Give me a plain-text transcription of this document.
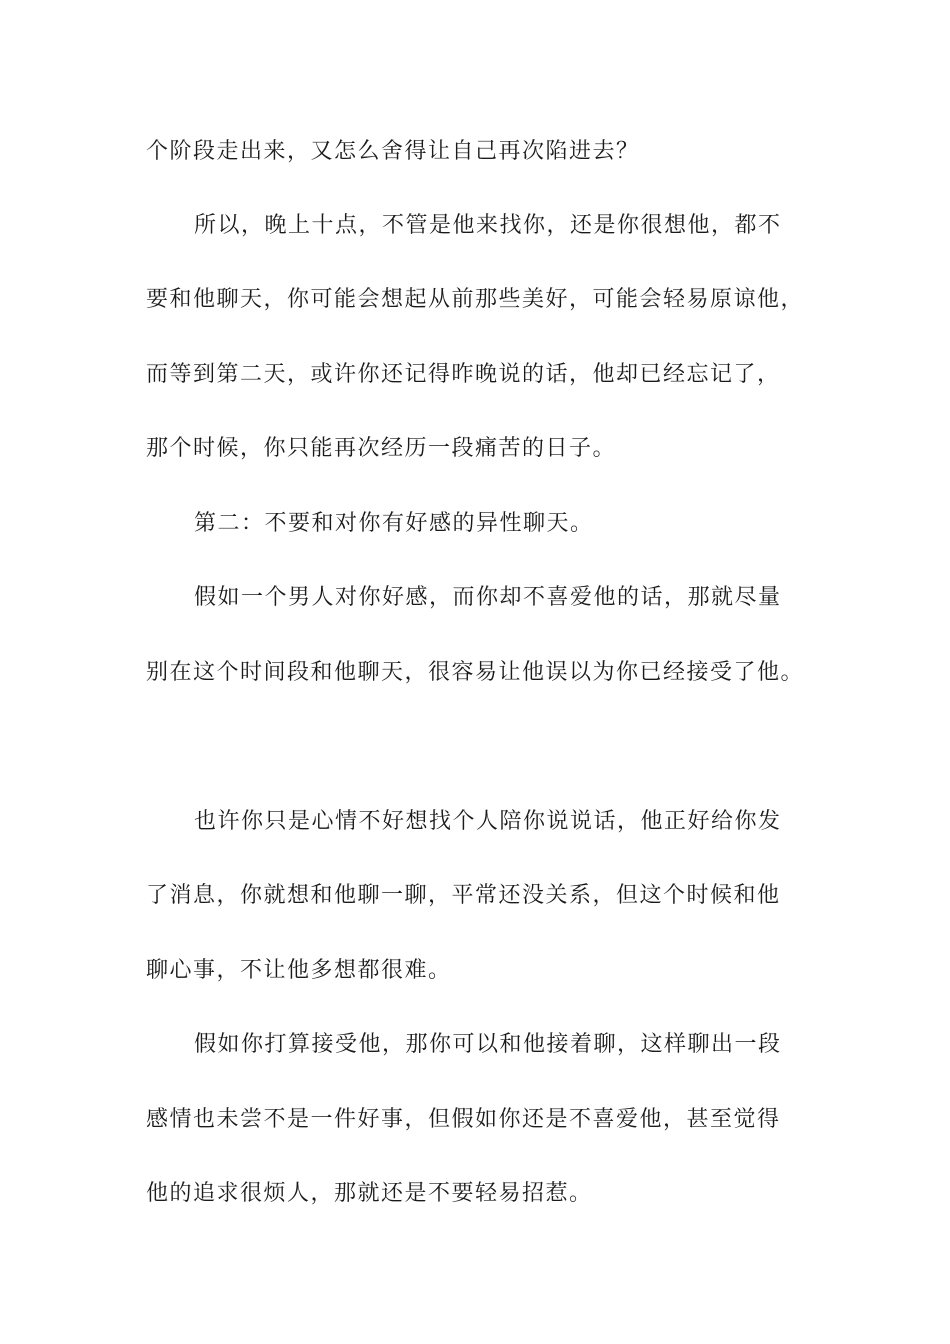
个阶段走出来，又怎么舍得让自己再次陷进去？
所以，晚上十点，不管是他来找你，还是你很想他，都不
要和他聊天，你可能会想起从前那些美好，可能会轻易原谅他，
而等到第二天，或许你还记得昨晚说的话，他却已经忘记了，
那个时候，你只能再次经历一段痛苦的日子。
第二：不要和对你有好感的异性聊天。
假如一个男人对你好感，而你却不喜爱他的话，那就尽量
别在这个时间段和他聊天，很容易让他误以为你已经接受了他。
也许你只是心情不好想找个人陪你说说话，他正好给你发
了消息，你就想和他聊一聊，平常还没关系，但这个时候和他
聊心事，不让他多想都很难。
假如你打算接受他，那你可以和他接着聊，这样聊出一段
感情也未尝不是一件好事，但假如你还是不喜爱他，甚至觉得
他的追求很烦人，那就还是不要轻易招惹。
